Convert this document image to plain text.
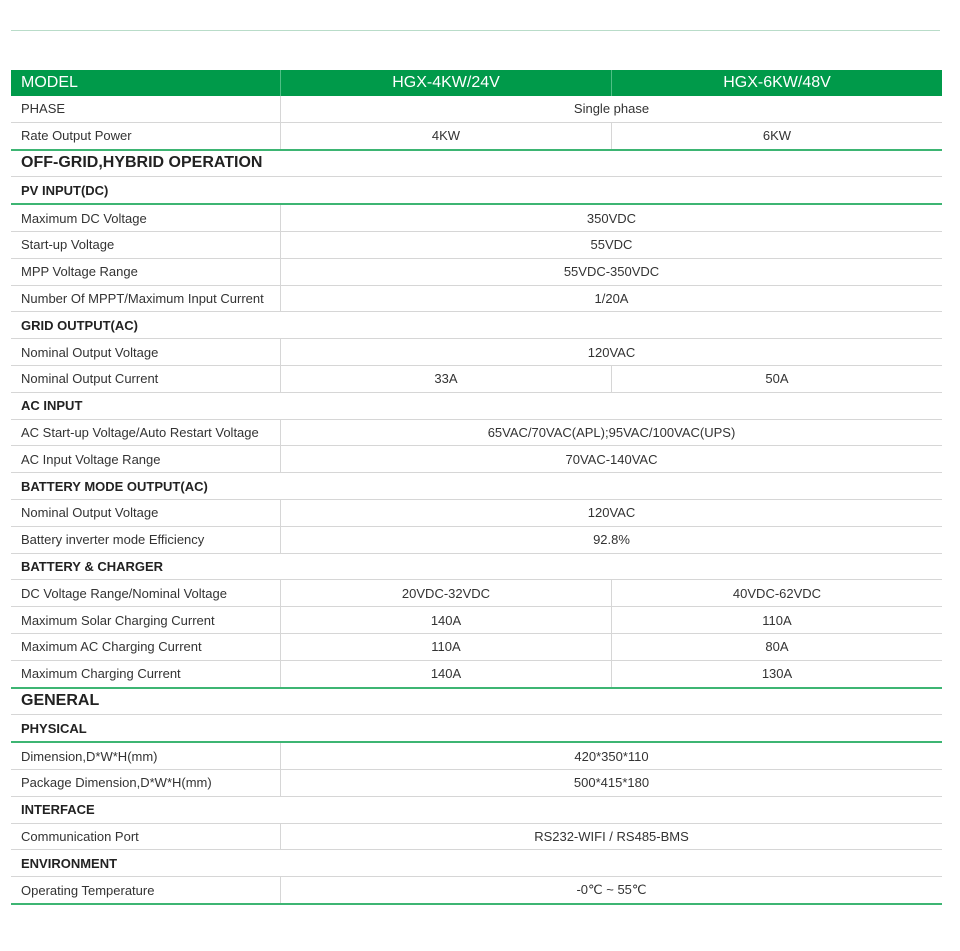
MODEL	HGX-4KW/24V	HGX-6KW/48V
PHASE	Single phase	
Rate Output Power	4KW	6KW
OFF-GRID,HYBRID OPERATION		
PV INPUT(DC)		
Maximum DC Voltage	350VDC	
Start-up Voltage	55VDC	
MPP Voltage Range	55VDC-350VDC	
Number Of MPPT/Maximum Input Current	1/20A	
GRID OUTPUT(AC)		
Nominal Output Voltage	120VAC	
Nominal Output Current	33A	50A
AC INPUT		
AC Start-up Voltage/Auto Restart Voltage	65VAC/70VAC(APL);95VAC/100VAC(UPS)	
AC Input Voltage Range	70VAC-140VAC	
BATTERY MODE OUTPUT(AC)		
Nominal Output Voltage	120VAC	
Battery inverter mode Efficiency	92.8%	
BATTERY & CHARGER		
DC Voltage Range/Nominal Voltage	20VDC-32VDC	40VDC-62VDC
Maximum Solar Charging Current	140A	110A
Maximum AC Charging Current	110A	80A
Maximum Charging Current	140A	130A
GENERAL		
PHYSICAL		
Dimension,D*W*H(mm)	420*350*110	
Package Dimension,D*W*H(mm)	500*415*180	
INTERFACE		
Communication Port	RS232-WIFI / RS485-BMS	
ENVIRONMENT		
Operating Temperature	-0℃ ~ 55℃	
